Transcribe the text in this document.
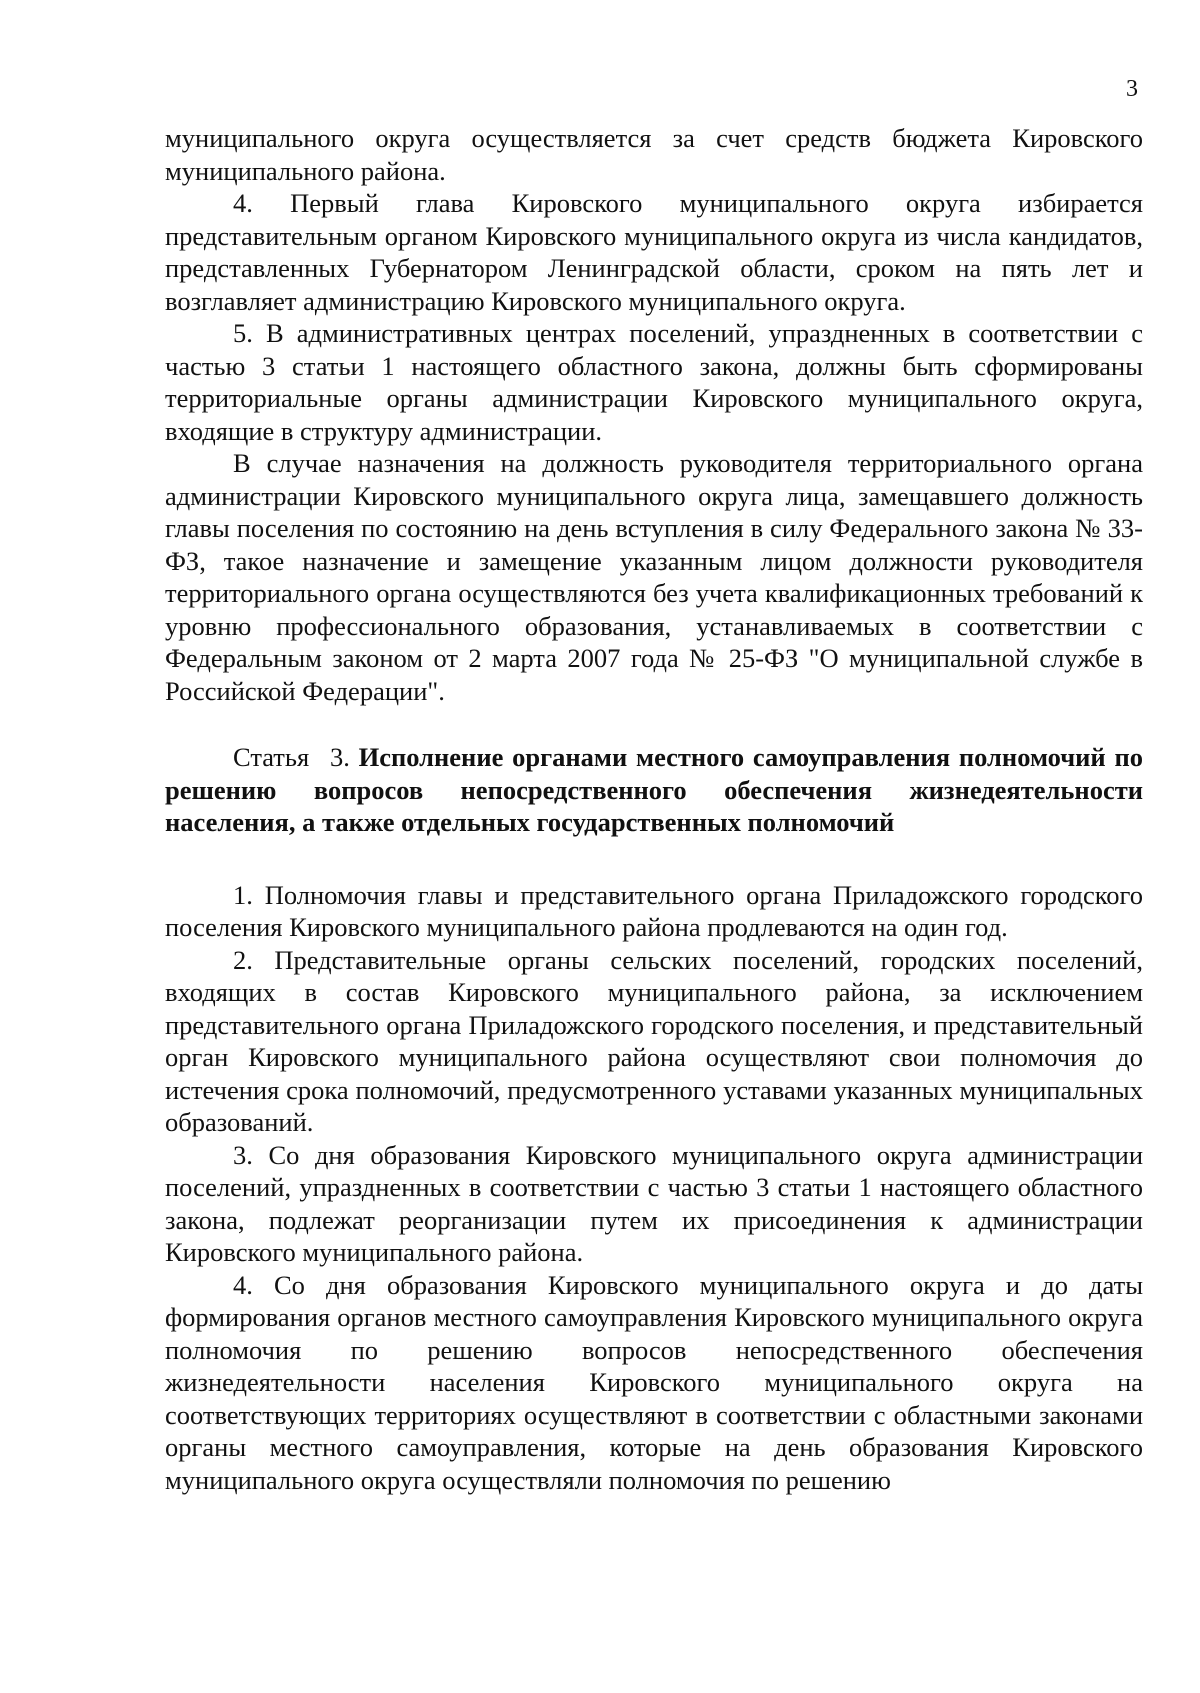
3

муниципального округа осуществляется за счет средств бюджета Кировского муниципального района.

4. Первый глава Кировского муниципального округа избирается представительным органом Кировского муниципального округа из числа кандидатов, представленных Губернатором Ленинградской области, сроком на пять лет и возглавляет администрацию Кировского муниципального округа.

5. В административных центрах поселений, упраздненных в соответствии с частью 3 статьи 1 настоящего областного закона, должны быть сформированы территориальные органы администрации Кировского муниципального округа, входящие в структуру администрации.

В случае назначения на должность руководителя территориального органа администрации Кировского муниципального округа лица, замещавшего должность главы поселения по состоянию на день вступления в силу Федерального закона № 33-ФЗ, такое назначение и замещение указанным лицом должности руководителя территориального органа осуществляются без учета квалификационных требований к уровню профессионального образования, устанавливаемых в соответствии с Федеральным законом от 2 марта 2007 года № 25-ФЗ "О муниципальной службе в Российской Федерации".

Статья 3. Исполнение органами местного самоуправления полномочий по решению вопросов непосредственного обеспечения жизнедеятельности населения, а также отдельных государственных полномочий

1. Полномочия главы и представительного органа Приладожского городского поселения Кировского муниципального района продлеваются на один год.

2. Представительные органы сельских поселений, городских поселений, входящих в состав Кировского муниципального района, за исключением представительного органа Приладожского городского поселения, и представительный орган Кировского муниципального района осуществляют свои полномочия до истечения срока полномочий, предусмотренного уставами указанных муниципальных образований.

3. Со дня образования Кировского муниципального округа администрации поселений, упраздненных в соответствии с частью 3 статьи 1 настоящего областного закона, подлежат реорганизации путем их присоединения к администрации Кировского муниципального района.

4. Со дня образования Кировского муниципального округа и до даты формирования органов местного самоуправления Кировского муниципального округа полномочия по решению вопросов непосредственного обеспечения жизнедеятельности населения Кировского муниципального округа на соответствующих территориях осуществляют в соответствии с областными законами органы местного самоуправления, которые на день образования Кировского муниципального округа осуществляли полномочия по решению
